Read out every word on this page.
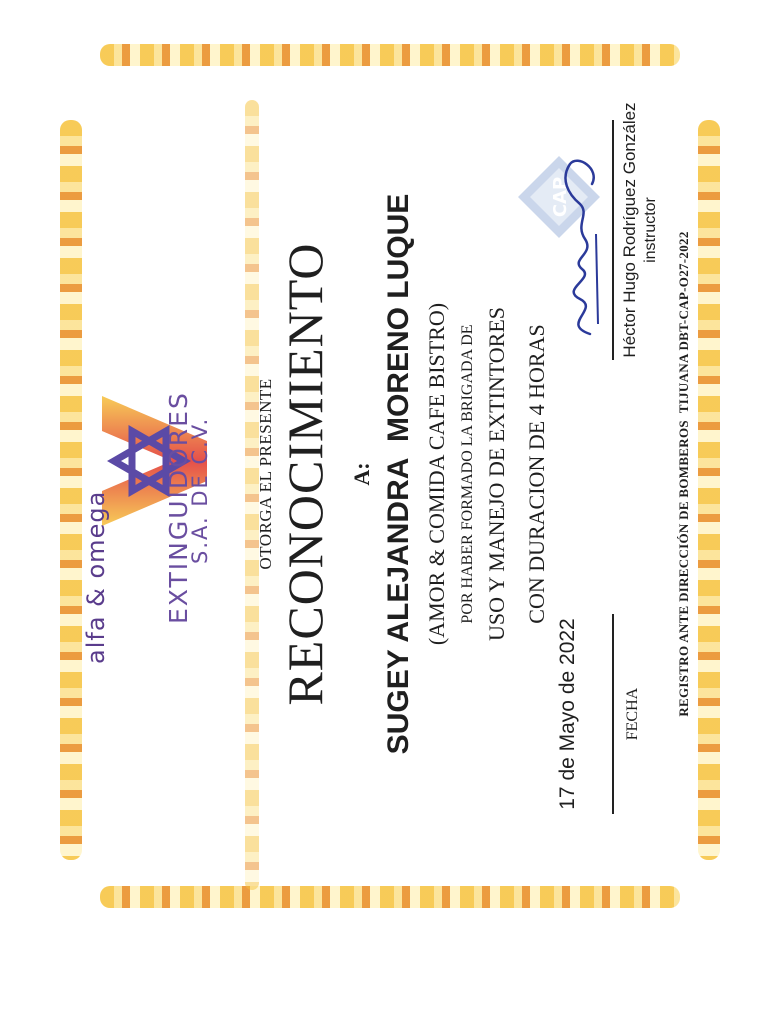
alfa & omega EXTINGUIDORES
S.A. DE C.V.
CAP
OTORGA EL PRESENTE RECONOCIMIENTO A: SUGEY ALEJANDRA  MORENO LUQUE (AMOR & COMIDA CAFE BISTRO) POR HABER FORMADO LA BRIGADA DE USO Y MANEJO DE EXTINTORES CON DURACION DE 4 HORAS
17 de Mayo de 2022	FECHA
Héctor Hugo Rodríguez González instructor
REGISTRO ANTE DIRECCIÓN DE BOMBEROS  TIJUANA DBT-CAP-O27-2022
